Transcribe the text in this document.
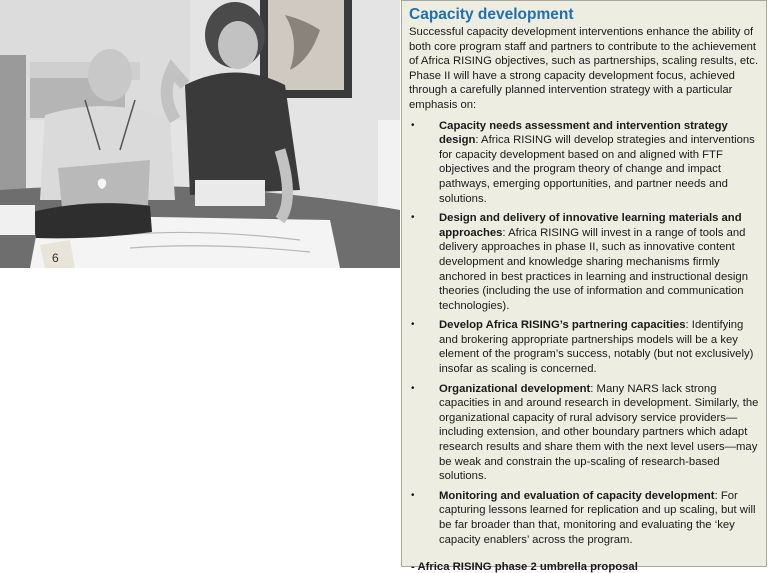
6
Capacity development

Successful capacity development interventions enhance the ability of both core program staff and partners to contribute to the achievement of Africa RISING objectives, such as partnerships, scaling results, etc. Phase II will have a strong capacity development focus, achieved through a carefully planned intervention strategy with a particular emphasis on:

• Capacity needs assessment and intervention strategy design: Africa RISING will develop strategies and interventions for capacity development based on and aligned with FTF objectives and the program theory of change and impact pathways, emerging opportunities, and partner needs and solutions.
• Design and delivery of innovative learning materials and approaches: Africa RISING will invest in a range of tools and delivery approaches in phase II, such as innovative content development and knowledge sharing mechanisms firmly anchored in best practices in learning and instructional design theories (including the use of information and communication technologies).
• Develop Africa RISING’s partnering capacities: Identifying and brokering appropriate partnerships models will be a key element of the program’s success, notably (but not exclusively) insofar as scaling is concerned.
• Organizational development: Many NARS lack strong capacities in and around research in development. Similarly, the organizational capacity of rural advisory service providers—including extension, and other boundary partners which adapt research results and share them with the next level users—may be weak and constrain the up-scaling of research-based solutions.
• Monitoring and evaluation of capacity development: For capturing lessons learned for replication and up scaling, but will be far broader than that, monitoring and evaluating the ‘key capacity enablers’ across the program.
- Africa RISING phase 2 umbrella proposal
